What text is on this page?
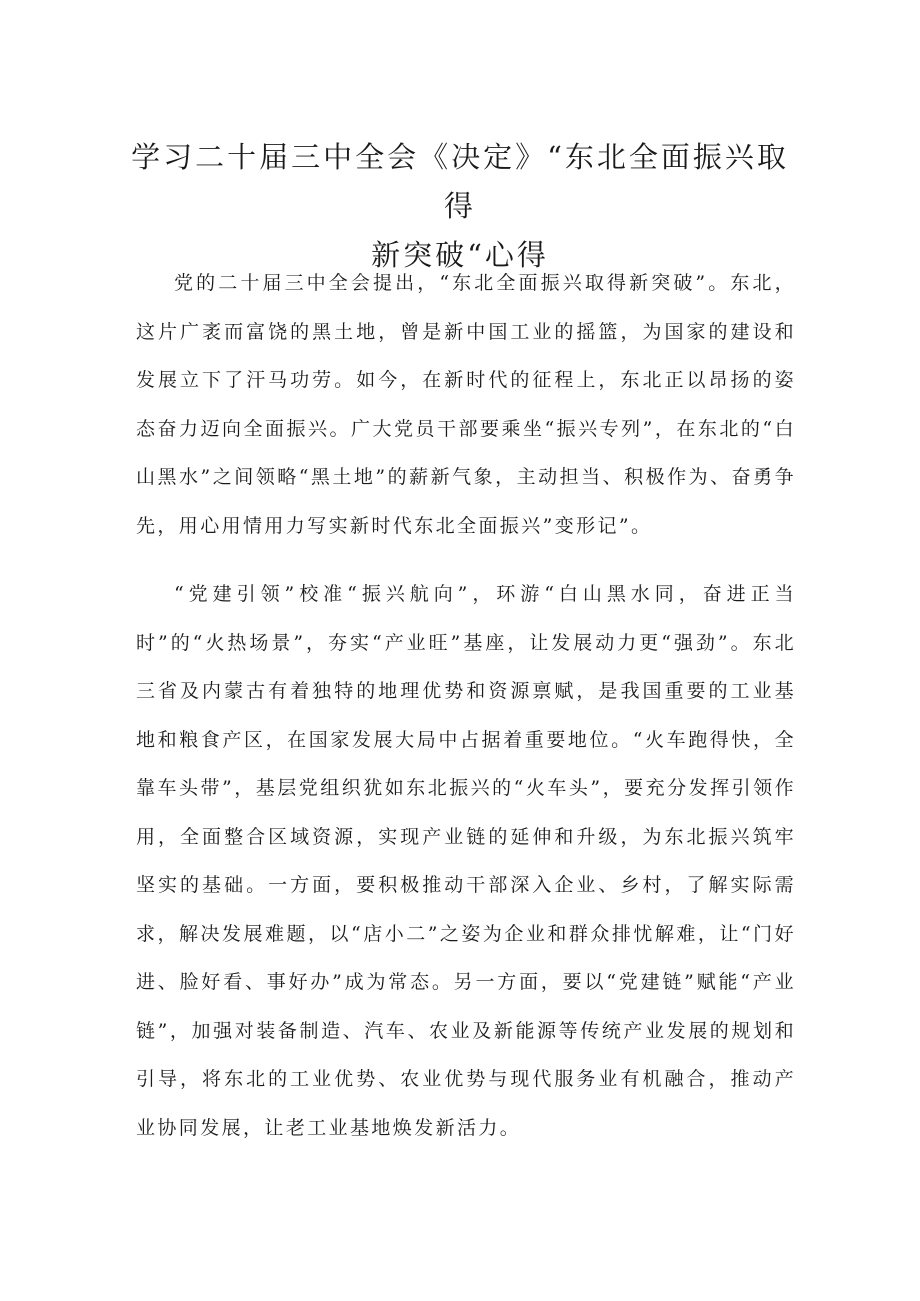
学习二十届三中全会《决定》“东北全面振兴取得
新突破“心得

党的二十届三中全会提出，“东北全面振兴取得新突破”。东北，这片广袤而富饶的黑土地，曾是新中国工业的摇篮，为国家的建设和发展立下了汗马功劳。如今，在新时代的征程上，东北正以昂扬的姿态奋力迈向全面振兴。广大党员干部要乘坐“振兴专列”，在东北的“白山黑水”之间领略“黑土地”的薪新气象，主动担当、积极作为、奋勇争先，用心用情用力写实新时代东北全面振兴”变形记”。

“党建引领”校准“振兴航向”，环游“白山黑水同，奋进正当时”的“火热场景”，夯实“产业旺”基座，让发展动力更“强劲”。东北三省及内蒙古有着独特的地理优势和资源禀赋，是我国重要的工业基地和粮食产区，在国家发展大局中占据着重要地位。“火车跑得快，全靠车头带”，基层党组织犹如东北振兴的“火车头”，要充分发挥引领作用，全面整合区域资源，实现产业链的延伸和升级，为东北振兴筑牢坚实的基础。一方面，要积极推动干部深入企业、乡村，了解实际需求，解决发展难题，以“店小二”之姿为企业和群众排忧解难，让“门好进、脸好看、事好办”成为常态。另一方面，要以“党建链”赋能“产业链”，加强对装备制造、汽车、农业及新能源等传统产业发展的规划和引导，将东北的工业优势、农业优势与现代服务业有机融合，推动产业协同发展，让老工业基地焕发新活力。
